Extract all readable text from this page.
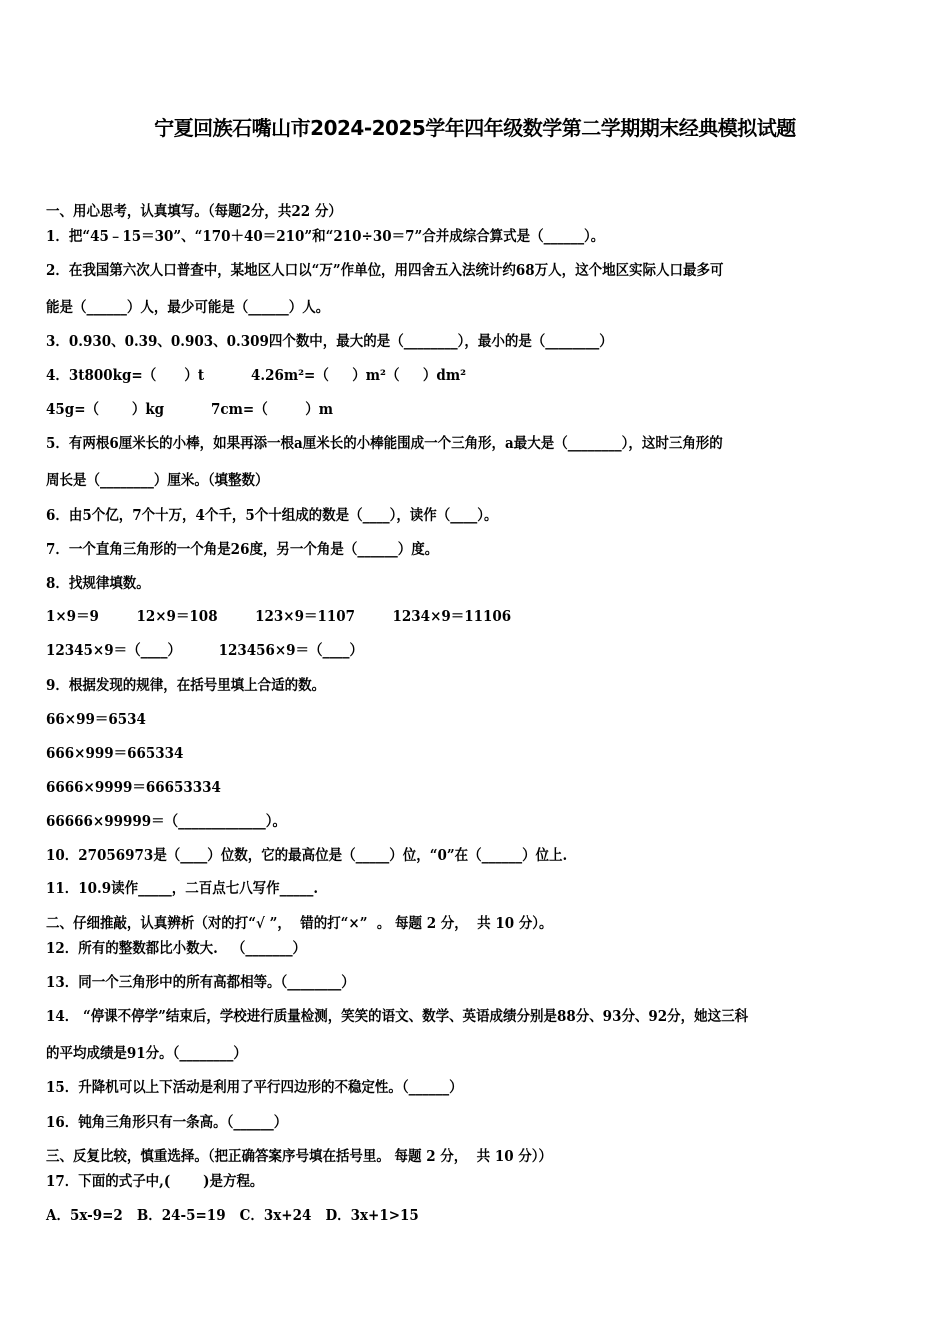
宁夏回族石嘴山市2024-2025学年四年级数学第二学期期末经典模拟试题
一、用心思考，认真填写。（每题2分，共22 分）
1．把“45﹣15＝30”、“170＋40＝210”和“210÷30＝7”合并成综合算式是（______）。
2．在我国第六次人口普查中，某地区人口以“万”作单位，用四舍五入法统计约68万人，这个地区实际人口最多可
能是（______）人，最少可能是（______）人。
3．0.930、0.39、0.903、0.309四个数中，最大的是（________），最小的是（________）
4．3t800kg=（      ）t          4.26m²=（     ）m²（     ）dm²
45g=（       ）kg          7cm=（        ）m
5．有两根6厘米长的小棒，如果再添一根a厘米长的小棒能围成一个三角形，a最大是（________），这时三角形的
周长是（________）厘米。（填整数）
6．由5个亿，7个十万，4个千，5个十组成的数是（____），读作（____）。
7．一个直角三角形的一个角是26度，另一个角是（______）度。
8．找规律填数。
1×9＝9        12×9＝108        123×9＝1107        1234×9＝11106
12345×9＝（____）        123456×9＝（____）
9．根据发现的规律，在括号里填上合适的数。
66×99＝6534
666×999＝665334
6666×9999＝66653334
66666×99999＝（_____________）。
10．27056973是（____）位数，它的最高位是（_____）位，“0”在（______）位上.
11．10.9读作_____，二百点七八写作_____.
二、仔细推敲，认真辨析（对的打“√ ”，  错的打“×”  。 每题 2 分，  共 10 分）。
12．所有的整数都比小数大.   （_______）
13．同一个三角形中的所有高都相等。（________）
14． “停课不停学”结束后，学校进行质量检测，笑笑的语文、数学、英语成绩分别是88分、93分、92分，她这三科
的平均成绩是91分。（________）
15．升降机可以上下活动是利用了平行四边形的不稳定性。（______）
16．钝角三角形只有一条高。（______）
三、反复比较，慎重选择。（把正确答案序号填在括号里。 每题 2 分，  共 10 分））
17．下面的式子中,(       )是方程。
A．5x-9=2   B．24-5=19   C．3x+24   D．3x+1>15
